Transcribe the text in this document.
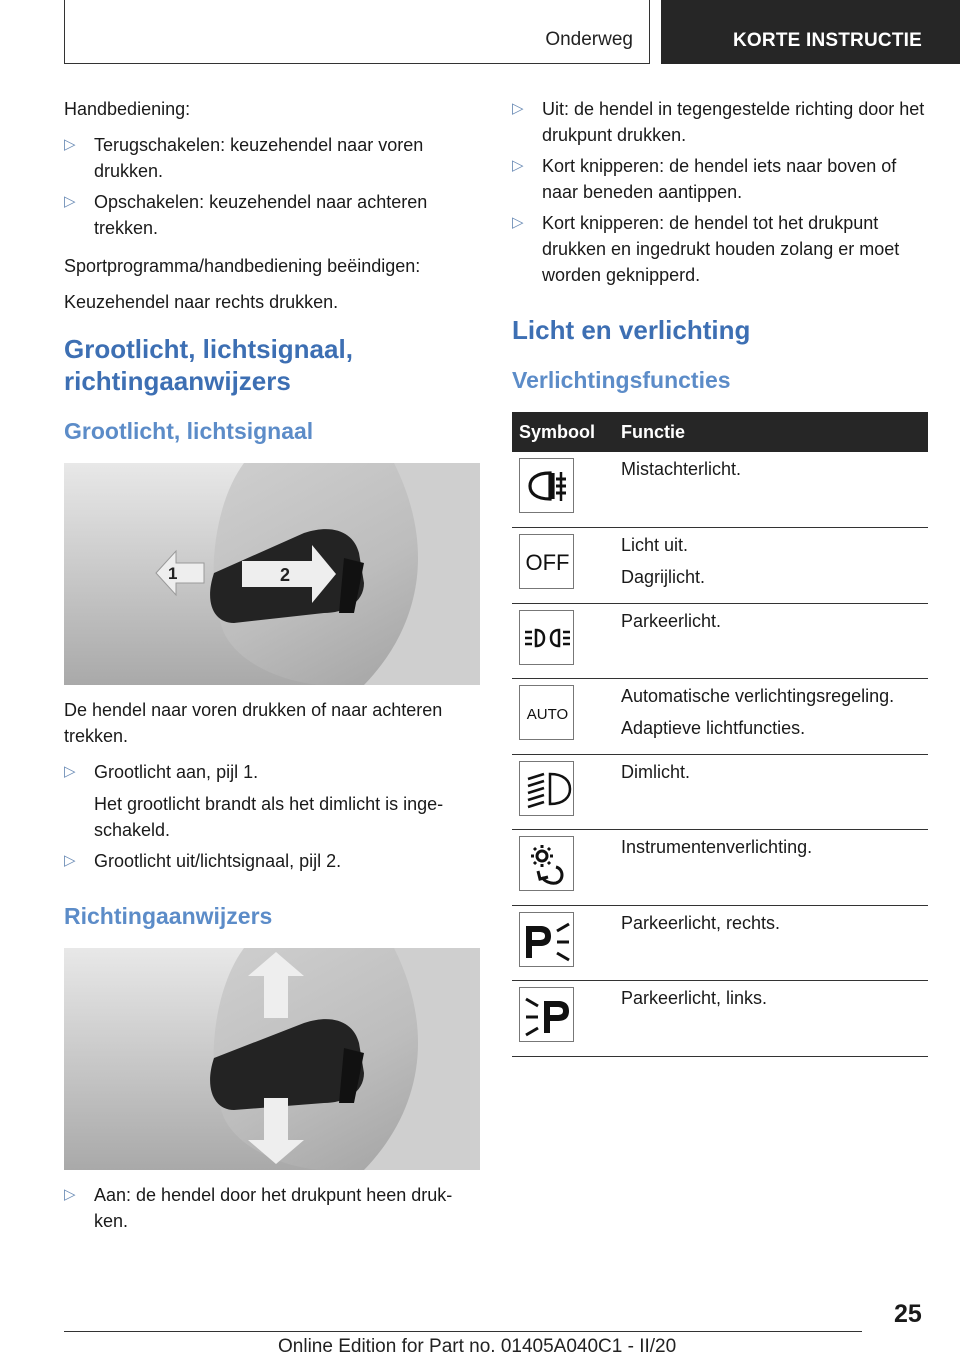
Onderweg	KORTE INSTRUCTIE

Handbediening:

▷ Terugschakelen: keuzehendel naar voren drukken.
▷ Opschakelen: keuzehendel naar achteren trekken.

Sportprogramma/handbediening beëindigen:

Keuzehendel naar rechts drukken.

Grootlicht, lichtsignaal, richtingaanwijzers
Grootlicht, lichtsignaal
1	2

De hendel naar voren drukken of naar achteren trekken.

▷ Grootlicht aan, pijl 1.
Het grootlicht brandt als het dimlicht is inge-schakeld.
▷ Grootlicht uit/lichtsignaal, pijl 2.
Richtingaanwijzers
▷ Aan: de hendel door het drukpunt heen druk-ken.
▷ Uit: de hendel in tegengestelde richting door het drukpunt drukken.
▷ Kort knipperen: de hendel iets naar boven of naar beneden aantippen.
▷ Kort knipperen: de hendel tot het drukpunt drukken en ingedrukt houden zolang er moet worden geknipperd.
Licht en verlichting
Verlichtingsfuncties
Symbool	Functie

Mistachterlicht.

OFF	Licht uit.
Dagrijlicht.

Parkeerlicht.

AUTO	Automatische verlichtingsregeling.
Adaptieve lichtfuncties.

Dimlicht.

Instrumentenverlichting.

Parkeerlicht, rechts.

Parkeerlicht, links.
25
Online Edition for Part no. 01405A040C1 - II/20
